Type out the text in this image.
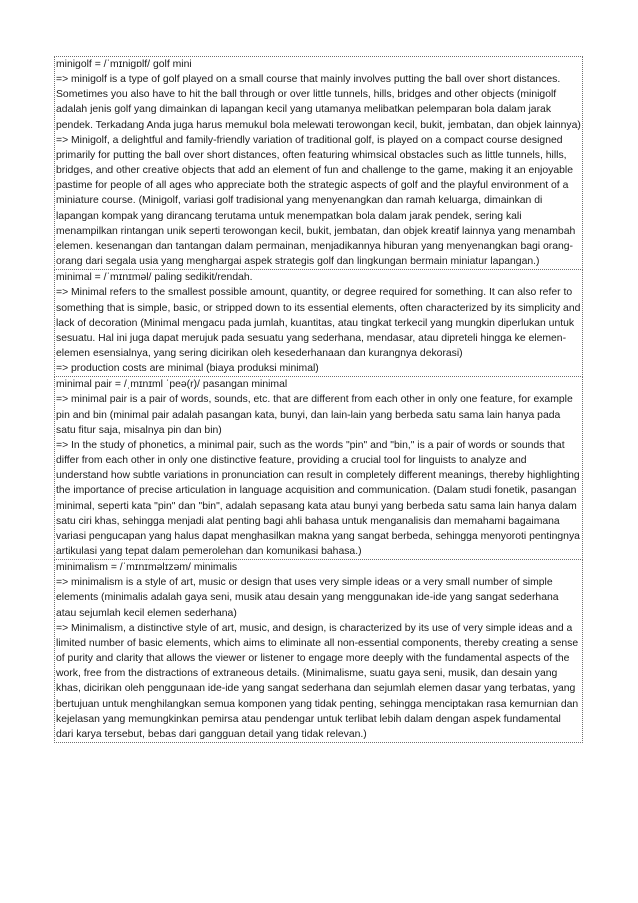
minigolf = /ˈmɪnigɒlf/ golf mini
=> minigolf is a type of golf played on a small course that mainly involves putting the ball over short distances. Sometimes you also have to hit the ball through or over little tunnels, hills, bridges and other objects (minigolf adalah jenis golf yang dimainkan di lapangan kecil yang utamanya melibatkan pelemparan bola dalam jarak pendek. Terkadang Anda juga harus memukul bola melewati terowongan kecil, bukit, jembatan, dan objek lainnya)
=> Minigolf, a delightful and family-friendly variation of traditional golf, is played on a compact course designed primarily for putting the ball over short distances, often featuring whimsical obstacles such as little tunnels, hills, bridges, and other creative objects that add an element of fun and challenge to the game, making it an enjoyable pastime for people of all ages who appreciate both the strategic aspects of golf and the playful environment of a miniature course. (Minigolf, variasi golf tradisional yang menyenangkan dan ramah keluarga, dimainkan di lapangan kompak yang dirancang terutama untuk menempatkan bola dalam jarak pendek, sering kali menampilkan rintangan unik seperti terowongan kecil, bukit, jembatan, dan objek kreatif lainnya yang menambah elemen. kesenangan dan tantangan dalam permainan, menjadikannya hiburan yang menyenangkan bagi orang-orang dari segala usia yang menghargai aspek strategis golf dan lingkungan bermain miniatur lapangan.)
minimal = /ˈmɪnɪməl/ paling sedikit/rendah.
=> Minimal refers to the smallest possible amount, quantity, or degree required for something. It can also refer to something that is simple, basic, or stripped down to its essential elements, often characterized by its simplicity and lack of decoration (Minimal mengacu pada jumlah, kuantitas, atau tingkat terkecil yang mungkin diperlukan untuk sesuatu. Hal ini juga dapat merujuk pada sesuatu yang sederhana, mendasar, atau dipreteli hingga ke elemen-elemen esensialnya, yang sering dicirikan oleh kesederhanaan dan kurangnya dekorasi)
=> production costs are minimal (biaya produksi minimal)
minimal pair = /ˌmɪnɪml ˈpeə(r)/ pasangan minimal
=> minimal pair is a pair of words, sounds, etc. that are different from each other in only one feature, for example pin and bin (minimal pair adalah pasangan kata, bunyi, dan lain-lain yang berbeda satu sama lain hanya pada satu fitur saja, misalnya pin dan bin)
=> In the study of phonetics, a minimal pair, such as the words "pin" and "bin," is a pair of words or sounds that differ from each other in only one distinctive feature, providing a crucial tool for linguists to analyze and understand how subtle variations in pronunciation can result in completely different meanings, thereby highlighting the importance of precise articulation in language acquisition and communication. (Dalam studi fonetik, pasangan minimal, seperti kata "pin" dan "bin", adalah sepasang kata atau bunyi yang berbeda satu sama lain hanya dalam satu ciri khas, sehingga menjadi alat penting bagi ahli bahasa untuk menganalisis dan memahami bagaimana variasi pengucapan yang halus dapat menghasilkan makna yang sangat berbeda, sehingga menyoroti pentingnya artikulasi yang tepat dalam pemerolehan dan komunikasi bahasa.)
minimalism = /ˈmɪnɪməlɪzəm/ minimalis
=> minimalism is a style of art, music or design that uses very simple ideas or a very small number of simple elements (minimalis adalah gaya seni, musik atau desain yang menggunakan ide-ide yang sangat sederhana atau sejumlah kecil elemen sederhana)
=> Minimalism, a distinctive style of art, music, and design, is characterized by its use of very simple ideas and a limited number of basic elements, which aims to eliminate all non-essential components, thereby creating a sense of purity and clarity that allows the viewer or listener to engage more deeply with the fundamental aspects of the work, free from the distractions of extraneous details. (Minimalisme, suatu gaya seni, musik, dan desain yang khas, dicirikan oleh penggunaan ide-ide yang sangat sederhana dan sejumlah elemen dasar yang terbatas, yang bertujuan untuk menghilangkan semua komponen yang tidak penting, sehingga menciptakan rasa kemurnian dan kejelasan yang memungkinkan pemirsa atau pendengar untuk terlibat lebih dalam dengan aspek fundamental dari karya tersebut, bebas dari gangguan detail yang tidak relevan.)
